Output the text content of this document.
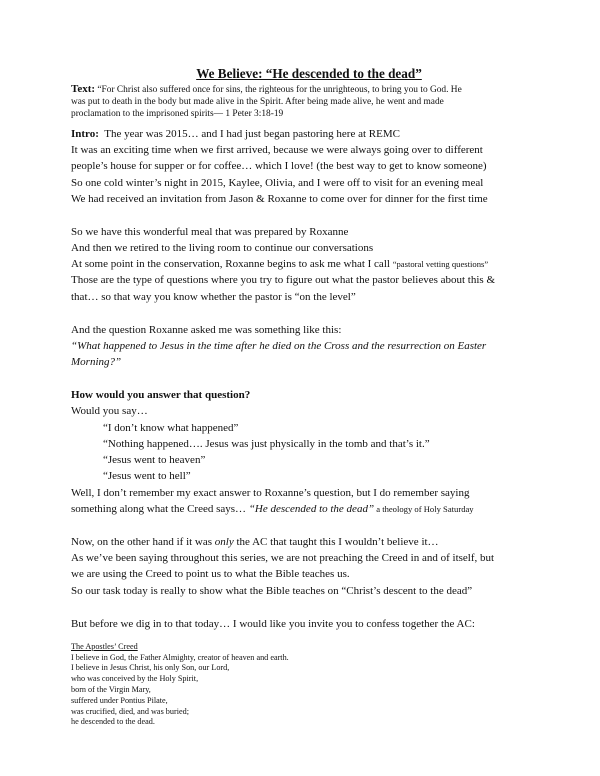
We Believe: “He descended to the dead”
Text: “For Christ also suffered once for sins, the righteous for the unrighteous, to bring you to God. He
was put to death in the body but made alive in the Spirit. After being made alive, he went and made
proclamation to the imprisoned spirits— 1 Peter 3:18-19

Intro: The year was 2015… and I had just began pastoring here at REMC

It was an exciting time when we first arrived, because we were always going over to different

people’s house for supper or for coffee… which I love! (the best way to get to know someone)

So one cold winter’s night in 2015, Kaylee, Olivia, and I were off to visit for an evening meal

We had received an invitation from Jason & Roxanne to come over for dinner for the first time

So we have this wonderful meal that was prepared by Roxanne

And then we retired to the living room to continue our conversations

At some point in the conservation, Roxanne begins to ask me what I call “pastoral vetting questions”

Those are the type of questions where you try to figure out what the pastor believes about this &

that… so that way you know whether the pastor is “on the level”

And the question Roxanne asked me was something like this:

“What happened to Jesus in the time after he died on the Cross and the resurrection on Easter

Morning?”

How would you answer that question?

Would you say…

“I don’t know what happened”

“Nothing happened…. Jesus was just physically in the tomb and that’s it.”

“Jesus went to heaven”

“Jesus went to hell”

Well, I don’t remember my exact answer to Roxanne’s question, but I do remember saying

something along what the Creed says… “He descended to the dead” a theology of Holy Saturday

Now, on the other hand if it was only the AC that taught this I wouldn’t believe it…

As we’ve been saying throughout this series, we are not preaching the Creed in and of itself, but

we are using the Creed to point us to what the Bible teaches us.

So our task today is really to show what the Bible teaches on “Christ’s descent to the dead”

But before we dig in to that today… I would like you invite you to confess together the AC:

The Apostles’ Creed

I believe in God, the Father Almighty, creator of heaven and earth.

I believe in Jesus Christ, his only Son, our Lord,

who was conceived by the Holy Spirit,

born of the Virgin Mary,

suffered under Pontius Pilate,

was crucified, died, and was buried;

he descended to the dead.
